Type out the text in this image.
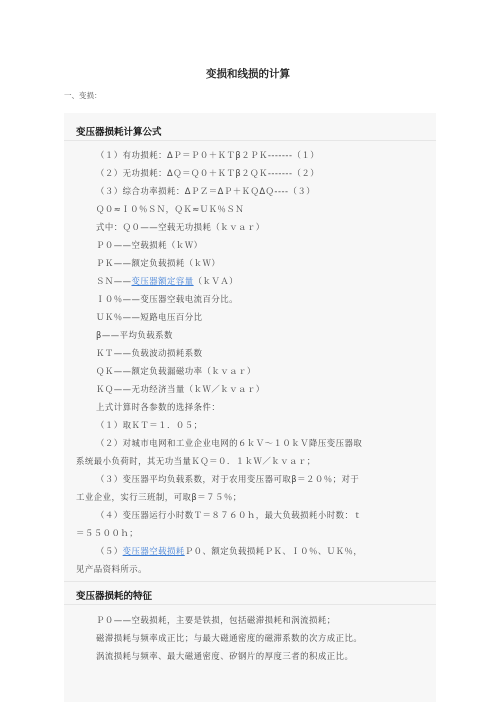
变损和线损的计算
一、变损：
变压器损耗计算公式
（１）有功损耗：ΔＰ＝Ｐ０＋ＫＴβ２ＰＫ-------（１）
（２）无功损耗：ΔＱ＝Ｑ０＋ＫＴβ２ＱＫ-------（２）
（３）综合功率损耗：ΔＰＺ＝ΔＰ＋ＫＱΔＱ----（３）
Ｑ０≈Ｉ０％ＳＮ，ＱＫ≈ＵＫ％ＳＮ
式中：Ｑ０——空载无功损耗（ｋｖａｒ）
Ｐ０——空载损耗（ｋＷ）
ＰＫ——额定负载损耗（ｋＷ）
ＳＮ——变压器额定容量（ｋＶＡ）
Ｉ０％——变压器空载电流百分比。
ＵＫ％——短路电压百分比
β——平均负载系数
ＫＴ——负载波动损耗系数
ＱＫ——额定负载漏磁功率（ｋｖａｒ）
ＫＱ——无功经济当量（ｋＷ／ｋｖａｒ）
上式计算时各参数的选择条件：
（１）取ＫＴ＝１．０５；
（２）对城市电网和工业企业电网的６ｋＶ～１０ｋＶ降压变压器取
系统最小负荷时，其无功当量ＫＱ＝０．１ｋＷ／ｋｖａｒ；
（３）变压器平均负载系数，对于农用变压器可取β＝２０％；对于
工业企业，实行三班制，可取β＝７５％；
（４）变压器运行小时数Ｔ＝８７６０ｈ，最大负载损耗小时数：ｔ
＝５５００ｈ；
（５）变压器空载损耗Ｐ０、额定负载损耗ＰＫ、Ｉ０％、ＵＫ％，
见产品资料所示。
变压器损耗的特征
Ｐ０——空载损耗，主要是铁损，包括磁滞损耗和涡流损耗；
磁滞损耗与频率成正比；与最大磁通密度的磁滞系数的次方成正比。
涡流损耗与频率、最大磁通密度、矽钢片的厚度三者的积成正比。
